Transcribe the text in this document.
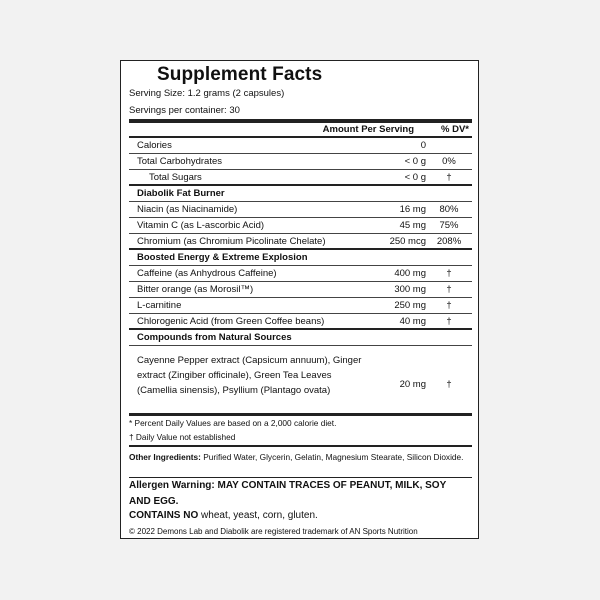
Supplement Facts
Serving Size: 1.2 grams (2 capsules)
Servings per container: 30
Amount Per Serving	% DV*
Calories	0
Total Carbohydrates	< 0 g	0%
Total Sugars	< 0 g	†
Diabolik Fat Burner
Niacin (as Niacinamide)	16 mg	80%
Vitamin C (as L-ascorbic Acid)	45 mg	75%
Chromium (as Chromium Picolinate Chelate)	250 mcg 208%
Boosted Energy & Extreme Explosion
Caffeine (as Anhydrous Caffeine)	400 mg	†
Bitter orange (as Morosil™)	300 mg	†
L-carnitine	250 mg	†
Chlorogenic Acid (from Green Coffee beans)	40 mg	†
Compounds from Natural Sources
Cayenne Pepper extract (Capsicum annuum), Ginger extract (Zingiber officinale), Green Tea Leaves (Camellia sinensis), Psyllium (Plantago ovata)
20 mg	†
* Percent Daily Values are based on a 2,000 calorie diet.
† Daily Value not established
Other Ingredients: Purified Water, Glycerin, Gelatin, Magnesium Stearate, Silicon Dioxide.
Allergen Warning: MAY CONTAIN TRACES OF PEANUT, MILK, SOY AND EGG.
CONTAINS NO wheat, yeast, corn, gluten.
© 2022 Demons Lab and Diabolik are registered trademark of AN Sports Nutrition
